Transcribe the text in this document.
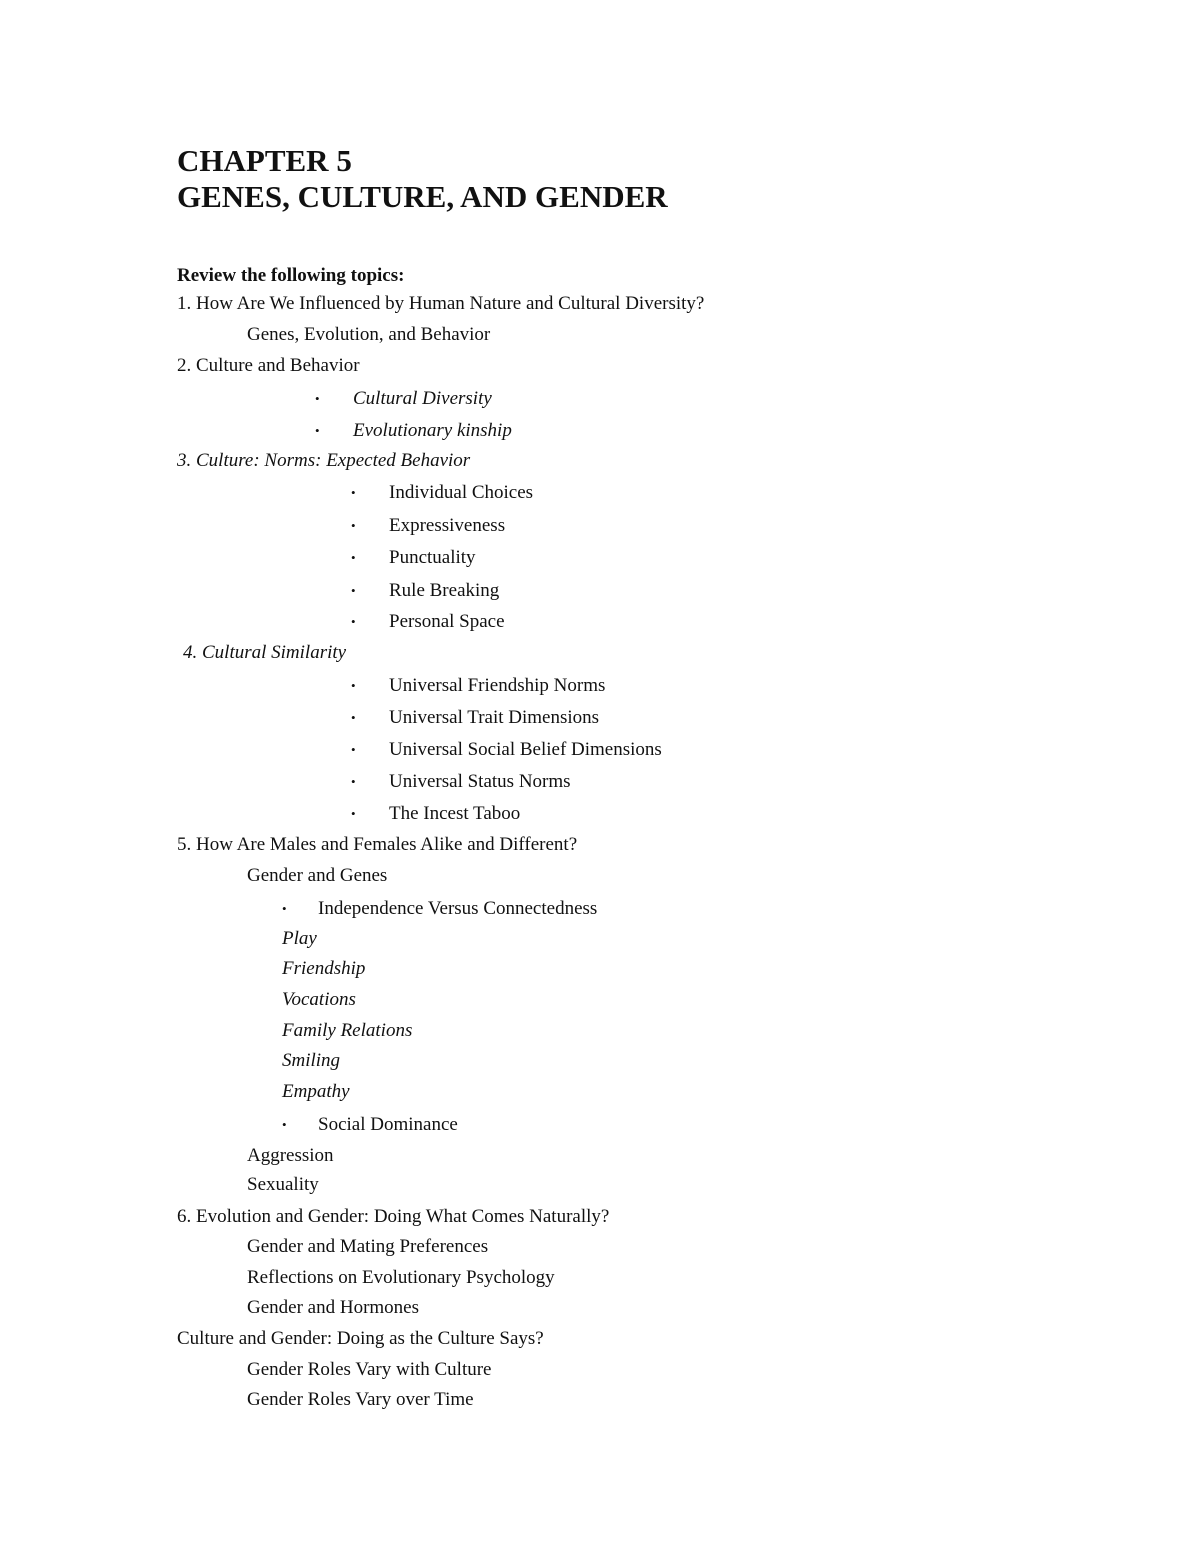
CHAPTER 5
GENES, CULTURE, AND GENDER

Review the following topics:

1. How Are We Influenced by Human Nature and Cultural Diversity?

Genes, Evolution, and Behavior

2. Culture and Behavior

• Cultural Diversity

• Evolutionary kinship

3. Culture: Norms: Expected Behavior

• Individual Choices

• Expressiveness

• Punctuality

• Rule Breaking

• Personal Space

4. Cultural Similarity

• Universal Friendship Norms

• Universal Trait Dimensions

• Universal Social Belief Dimensions

• Universal Status Norms

• The Incest Taboo

5. How Are Males and Females Alike and Different?

Gender and Genes

• Independence Versus Connectedness

Play

Friendship

Vocations

Family Relations

Smiling

Empathy

• Social Dominance

Aggression

Sexuality

6. Evolution and Gender: Doing What Comes Naturally?

Gender and Mating Preferences

Reflections on Evolutionary Psychology

Gender and Hormones

Culture and Gender: Doing as the Culture Says?

Gender Roles Vary with Culture

Gender Roles Vary over Time
